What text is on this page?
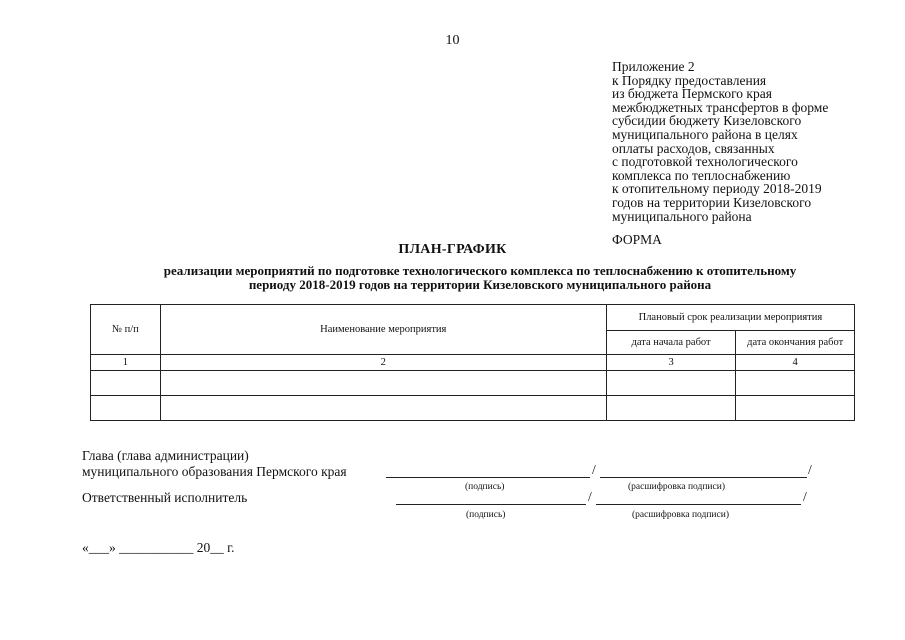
10
Приложение 2
к Порядку предоставления
из бюджета Пермского края
межбюджетных трансфертов в форме
субсидии бюджету Кизеловского
муниципального района в целях
оплаты расходов, связанных
с подготовкой технологического
комплекса по теплоснабжению
к отопительному периоду 2018-2019
годов на территории Кизеловского
муниципального района
ФОРМА
ПЛАН-ГРАФИК
реализации мероприятий по подготовке технологического комплекса по теплоснабжению к отопительному
периоду 2018-2019 годов на территории Кизеловского муниципального района
№ п/п	Наименование мероприятия	Плановый срок реализации мероприятия	
		дата начала работ	дата окончания работ
1	2	3	4

Глава (глава администрации)
муниципального образования Пермского края	/	/
(подпись)	(расшифровка подписи)
Ответственный исполнитель	/	/
(подпись)	(расшифровка подписи)
«___» ___________ 20__ г.
